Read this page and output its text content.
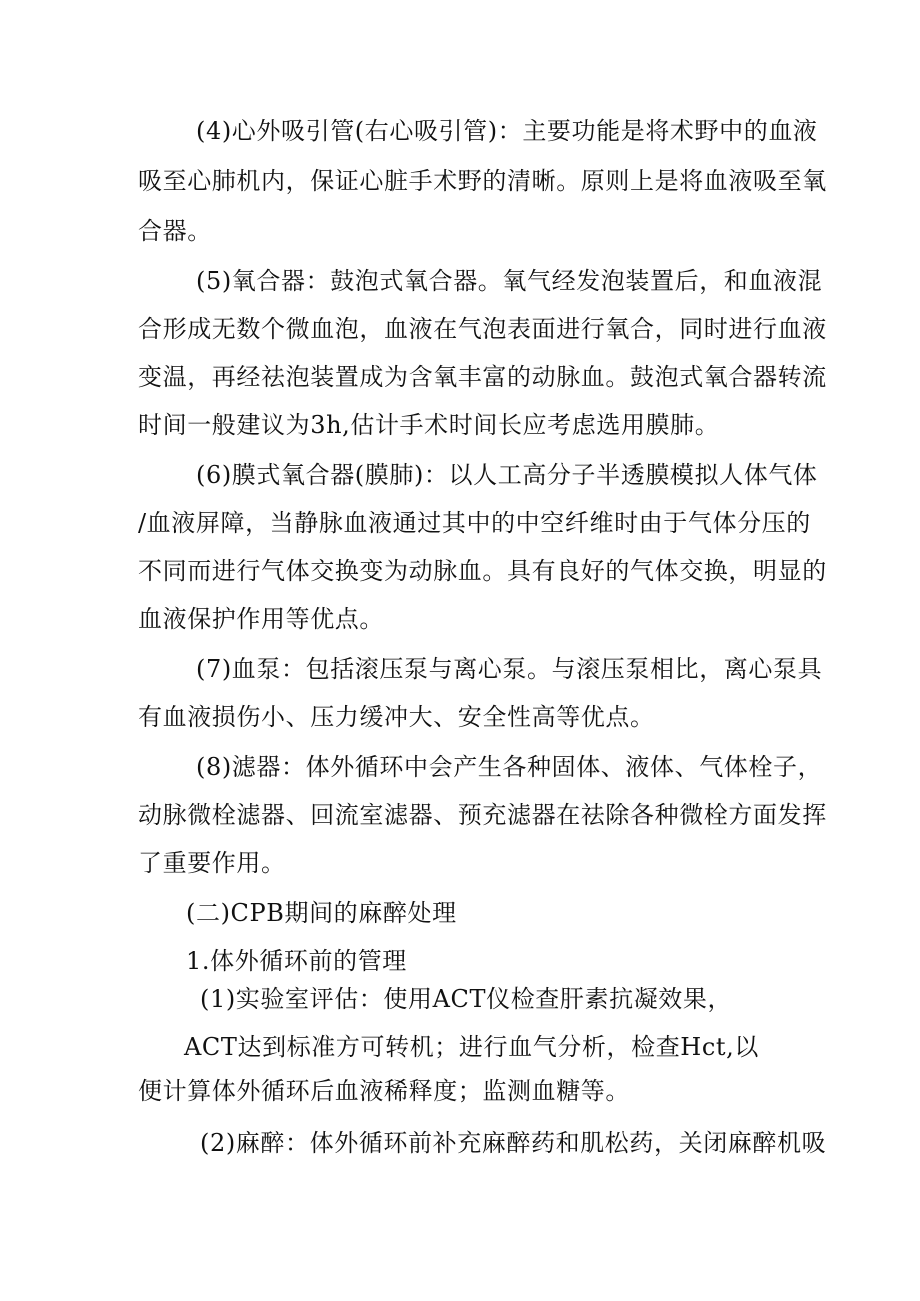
(4)心外吸引管(右心吸引管)：主要功能是将术野中的血液
吸至心肺机内，保证心脏手术野的清晰。原则上是将血液吸至氧
合器。
(5)氧合器：鼓泡式氧合器。氧气经发泡装置后，和血液混
合形成无数个微血泡，血液在气泡表面进行氧合，同时进行血液
变温，再经祛泡装置成为含氧丰富的动脉血。鼓泡式氧合器转流
时间一般建议为3h,估计手术时间长应考虑选用膜肺。
(6)膜式氧合器(膜肺)：以人工高分子半透膜模拟人体气体
/血液屏障，当静脉血液通过其中的中空纤维时由于气体分压的
不同而进行气体交换变为动脉血。具有良好的气体交换，明显的
血液保护作用等优点。
(7)血泵：包括滚压泵与离心泵。与滚压泵相比，离心泵具
有血液损伤小、压力缓冲大、安全性高等优点。
(8)滤器：体外循环中会产生各种固体、液体、气体栓子，
动脉微栓滤器、回流室滤器、预充滤器在祛除各种微栓方面发挥
了重要作用。
(二)CPB期间的麻醉处理
1.体外循环前的管理
(1)实验室评估：使用ACT仪检查肝素抗凝效果，
ACT达到标准方可转机；进行血气分析，检查Hct,以
便计算体外循环后血液稀释度；监测血糖等。
(2)麻醉：体外循环前补充麻醉药和肌松药，关闭麻醉机吸
